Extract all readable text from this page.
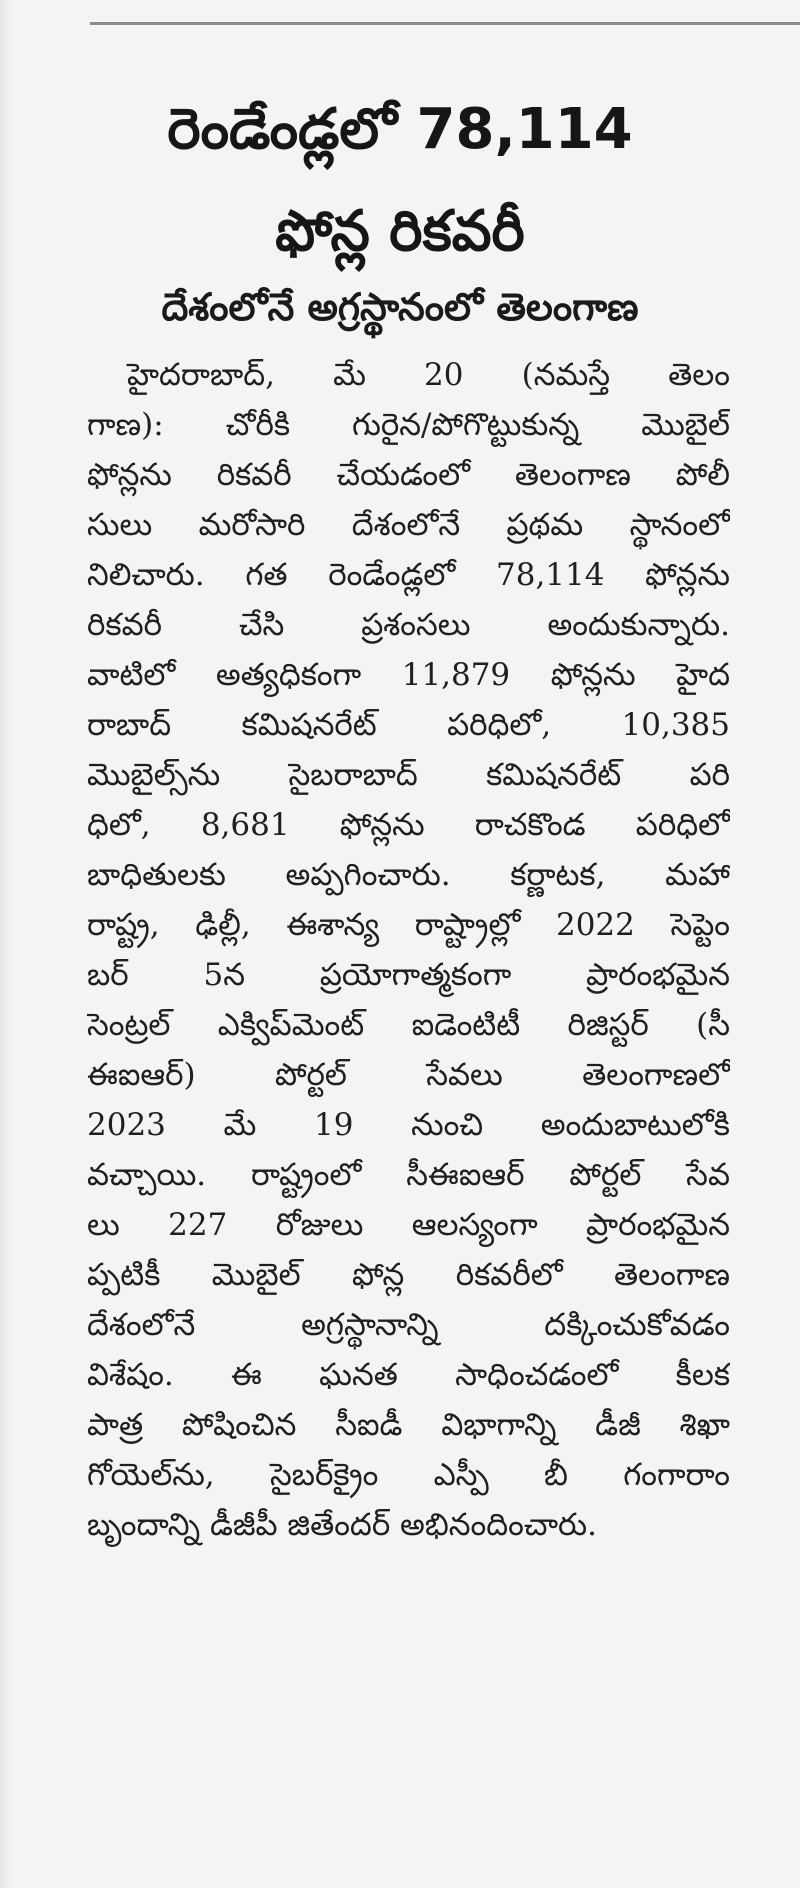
రెండేండ్లలో 78,114
ఫోన్ల రికవరీ
దేశంలోనే అగ్రస్థానంలో తెలంగాణ
హైదరాబాద్, మే 20 (నమస్తే తెలం
గాణ): చోరీకి గురైన/పోగొట్టుకున్న మొబైల్
ఫోన్లను రికవరీ చేయడంలో తెలంగాణ పోలీ
సులు మరోసారి దేశంలోనే ప్రథమ స్థానంలో
నిలిచారు. గత రెండేండ్లలో 78,114 ఫోన్లను
రికవరీ చేసి ప్రశంసలు అందుకున్నారు.
వాటిలో అత్యధికంగా 11,879 ఫోన్లను హైద
రాబాద్ కమిషనరేట్ పరిధిలో, 10,385
మొబైల్స్‌ను సైబరాబాద్ కమిషనరేట్ పరి
ధిలో, 8,681 ఫోన్లను రాచకొండ పరిధిలో
బాధితులకు అప్పగించారు. కర్ణాటక, మహా
రాష్ట్ర, ఢిల్లీ, ఈశాన్య రాష్ట్రాల్లో 2022 సెప్టెం
బర్ 5న ప్రయోగాత్మకంగా ప్రారంభమైన
సెంట్రల్ ఎక్విప్‌మెంట్ ఐడెంటిటీ రిజిస్టర్ (సీ
ఈఐఆర్) పోర్టల్ సేవలు తెలంగాణలో
2023 మే 19 నుంచి అందుబాటులోకి
వచ్చాయి. రాష్ట్రంలో సీఈఐఆర్ పోర్టల్ సేవ
లు 227 రోజులు ఆలస్యంగా ప్రారంభమైన
ప్పటికీ మొబైల్ ఫోన్ల రికవరీలో తెలంగాణ
దేశంలోనే అగ్రస్థానాన్ని దక్కించుకోవడం
విశేషం. ఈ ఘనత సాధించడంలో కీలక
పాత్ర పోషించిన సీఐడీ విభాగాన్ని డీజీ శిఖా
గోయెల్‌ను, సైబర్‌క్రైం ఎస్పీ బీ గంగారాం
బృందాన్ని డీజీపీ జితేందర్ అభినందించారు.
